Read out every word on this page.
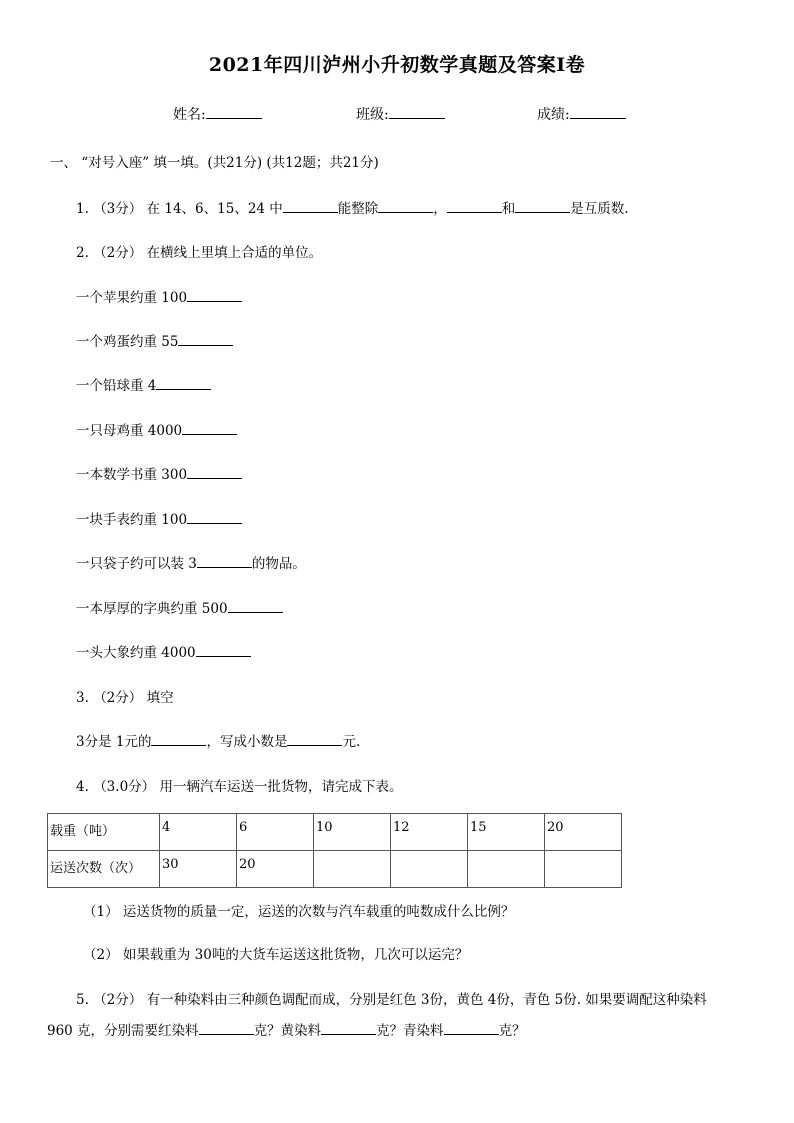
2021年四川泸州小升初数学真题及答案Ⅰ卷
姓名:	班级:	成绩:
一、 “对号入座” 填一填。(共21分) (共12题；共21分)
1. （3分） 在 14、6、15、24 中	能整除	，	和	是互质数.
2. （2分） 在横线上里填上合适的单位。
一个苹果约重 100
一个鸡蛋约重 55
一个铅球重 4
一只母鸡重 4000
一本数学书重 300
一块手表约重 100
一只袋子约可以装 3	的物品。
一本厚厚的字典约重 500
一头大象约重 4000
3. （2分） 填空
3分是 1元的	，写成小数是	元.
4. （3.0分） 用一辆汽车运送一批货物，请完成下表。
载重（吨）	4	6	10	12	15	20
运送次数（次）	30	20				
（1） 运送货物的质量一定，运送的次数与汽车载重的吨数成什么比例？
（2） 如果载重为 30吨的大货车运送这批货物，几次可以运完？
5. （2分） 有一种染料由三种颜色调配而成，分别是红色 3份，黄色 4份，青色 5份. 如果要调配这种染料
960 克，分别需要红染料	克？黄染料	克？青染料	克？
